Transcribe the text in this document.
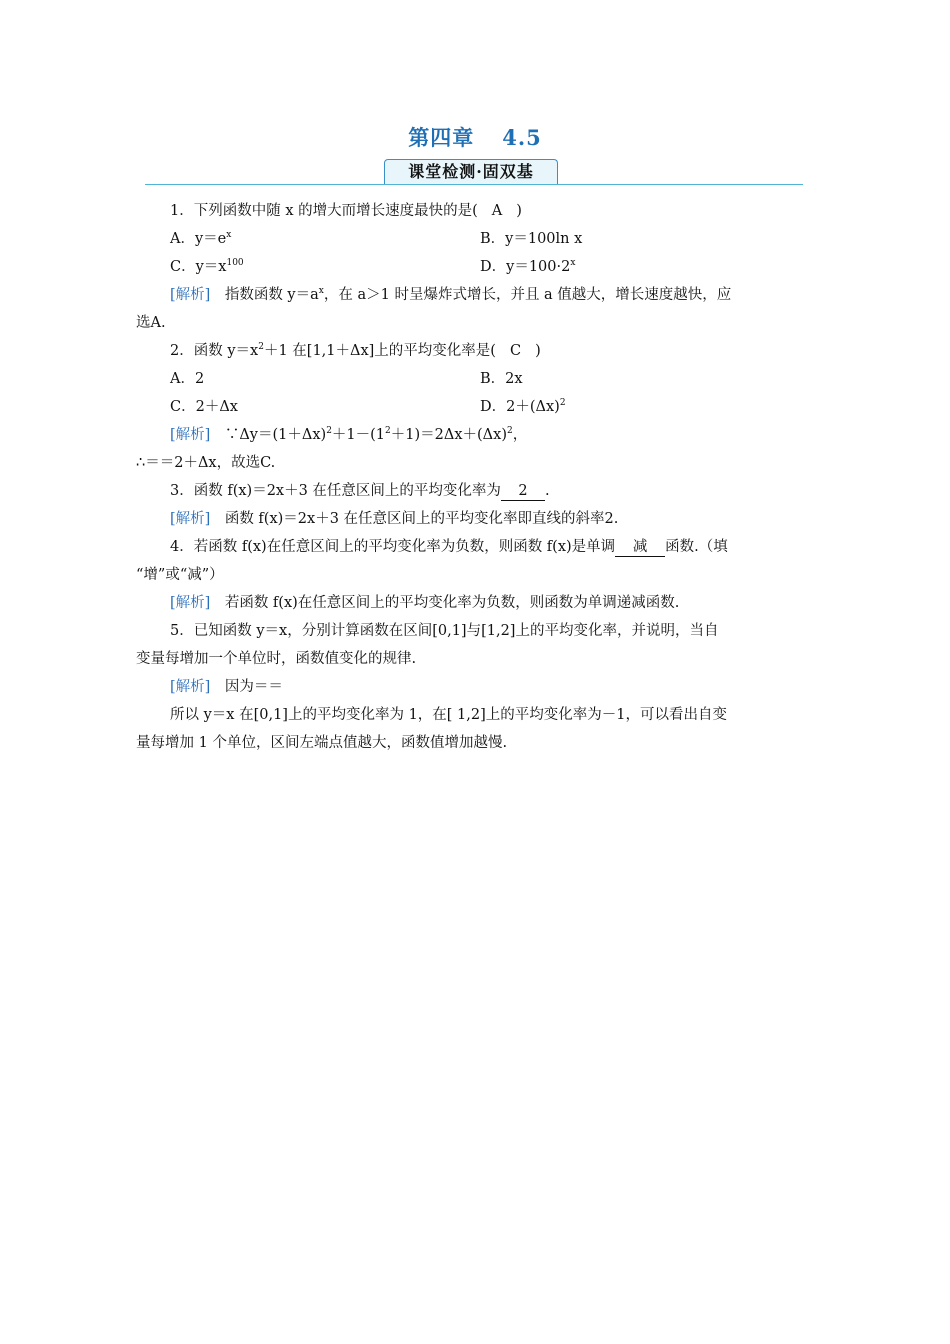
第四章 4.5
课堂检测·固双基
1．下列函数中随 x 的增大而增长速度最快的是( A )
A．$y=e^x$	B．y＝100ln x
C．$y=x^{100}$	D．$y=100\cdot 2^x$
[解析]　 指数函数 $y=a^x$，在 a＞1 时呈爆炸式增长，并且 a 值越大，增长速度越快，应
选A.
2．函数 $y=x^2+1$ 在[1,1＋Δx]上的平均变化率是( C )
A．2	B．2x
C．2＋Δx	D．$2+(\Delta x)^2$
[解析]　 $\because\Delta y=(1+\Delta x)^2+1-(1^2+1)=2\Delta x+(\Delta x)^2$，
∴＝＝2＋Δx，故选C.
3．函数 f(x)＝2x＋3 在任意区间上的平均变化率为 2 .
[解析]　 函数 f(x)＝2x＋3 在任意区间上的平均变化率即直线的斜率2.
4．若函数 f(x)在任意区间上的平均变化率为负数，则函数 f(x)是单调 减 函数.（填
“增”或“减”）
[解析]　 若函数 f(x)在任意区间上的平均变化率为负数，则函数为单调递减函数.
5．已知函数 y＝x，分别计算函数在区间[0,1]与[1,2]上的平均变化率，并说明，当自
变量每增加一个单位时，函数值变化的规律.
[解析]　 因为＝＝
所以 y＝x 在[0,1]上的平均变化率为 1，在[ 1,2]上的平均变化率为－1，可以看出自变
量每增加 1 个单位，区间左端点值越大，函数值增加越慢.
